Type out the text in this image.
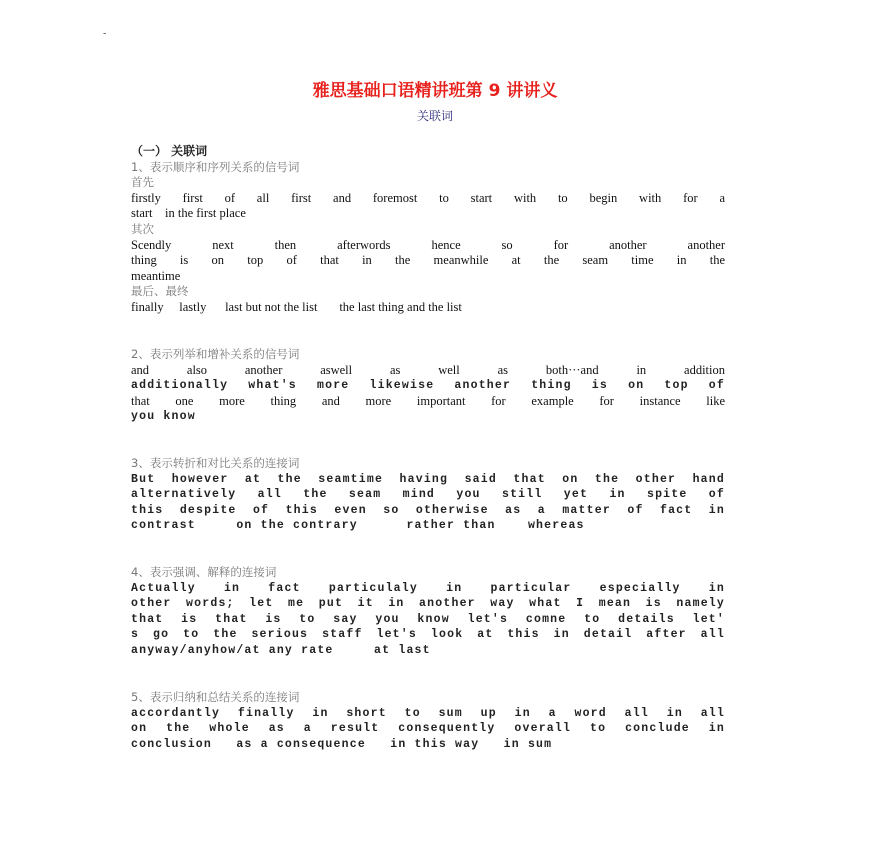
-
雅思基础口语精讲班第 9 讲讲义
关联词
（一） 关联词
1、表示顺序和序列关系的信号词
首先
firstly first of all first and foremost to start with to begin with for a
start    in the first place
其次
Scendly next then afterwords hence so for another another
thing is on top of that in the meanwhile at the seam time in the
meantime
最后、最终
finally     lastly      last but not the list       the last thing and the list
2、表示列举和增补关系的信号词
and also another aswell as well as both···and in addition
additionally what's more likewise another thing is on top of
that one more thing and more important for example for instance like
you know
3、表示转折和对比关系的连接词
But however at the seamtime having said that on the other hand
alternatively all the seam mind you still yet in spite of
this despite of this even so otherwise as a matter of fact in
contrast     on the contrary      rather than    whereas
4、表示强调、解释的连接词
Actually in fact particulaly in particular especially in
other words; let me put it in another way what I mean is namely
that is that is to say you know let's comne to details let'
s go to the serious staff let's look at this in detail after all
anyway/anyhow/at any rate     at last
5、表示归纳和总结关系的连接词
accordantly finally in short to sum up in a word all in all
on the whole as a result consequently overall to conclude in
conclusion   as a consequence   in this way   in sum
